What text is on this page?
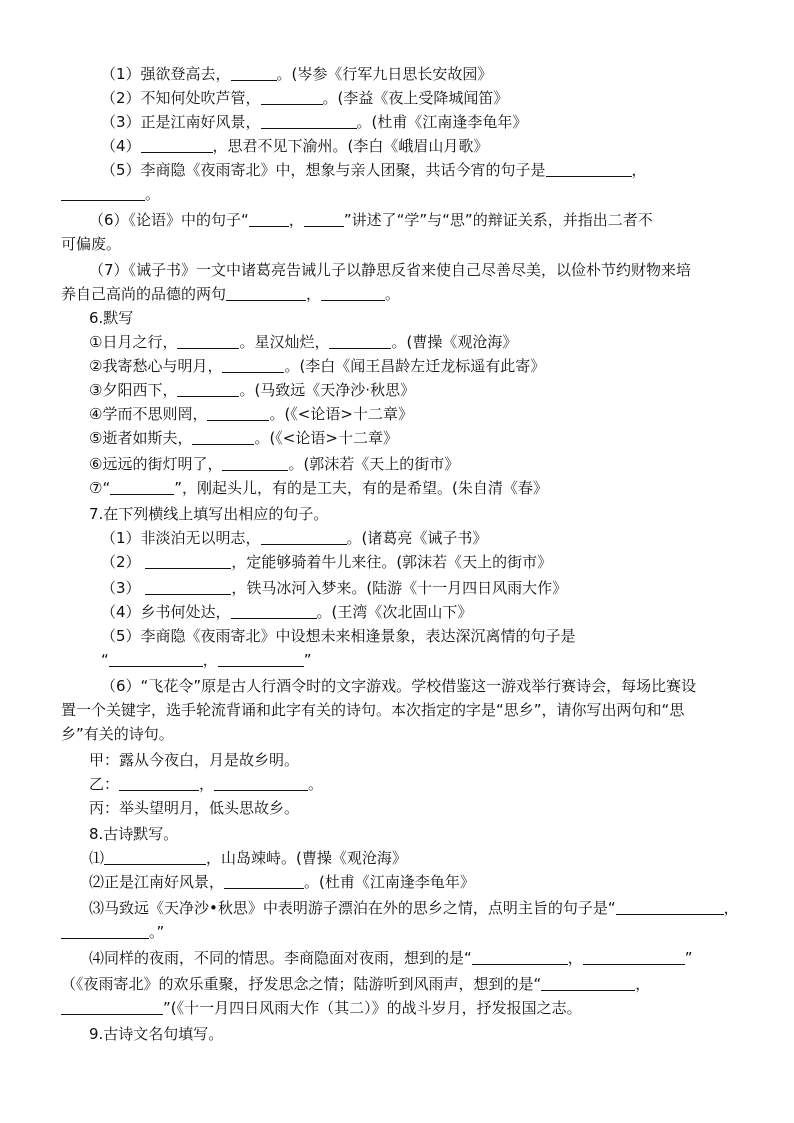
（1）强欲登高去，	。(岑参《行军九日思长安故园》
（2）不知何处吹芦管，	。(李益《夜上受降城闻笛》
（3）正是江南好风景，	。(杜甫《江南逢李龟年》
（4）	，思君不见下渝州。(李白《峨眉山月歌》
（5）李商隐《夜雨寄北》中，想象与亲人团聚，共话今宵的句子是	，
。
（6）《论语》中的句子“	，	”讲述了“学”与“思”的辩证关系，并指出二者不
可偏废。
（7）《诫子书》一文中诸葛亮告诫儿子以静思反省来使自己尽善尽美，以俭朴节约财物来培
养自己高尚的品德的两句	，	。
6.默写
①日月之行，	。星汉灿烂，	。(曹操《观沧海》
②我寄愁心与明月，	。(李白《闻王昌龄左迁龙标遥有此寄》
③夕阳西下，	。(马致远《天净沙·秋思》
④学而不思则罔，	。(《<论语>十二章》
⑤逝者如斯夫，	。(《<论语>十二章》
⑥远远的街灯明了，	。(郭沫若《天上的街市》
⑦“	”，刚起头儿，有的是工夫，有的是希望。(朱自清《春》
7.在下列横线上填写出相应的句子。
（1）非淡泊无以明志，	。(诸葛亮《诫子书》
（2）	，定能够骑着牛儿来往。(郭沫若《天上的街市》
（3）	，铁马冰河入梦来。(陆游《十一月四日风雨大作》
（4）乡书何处达，	。(王湾《次北固山下》
（5）李商隐《夜雨寄北》中设想未来相逢景象，表达深沉离情的句子是
“	，	”
（6）“飞花令”原是古人行酒令时的文字游戏。学校借鉴这一游戏举行赛诗会，每场比赛设
置一个关键字，选手轮流背诵和此字有关的诗句。本次指定的字是“思乡”，请你写出两句和“思
乡”有关的诗句。
甲：露从今夜白，月是故乡明。
乙：	，	。
丙：举头望明月，低头思故乡。
8.古诗默写。
⑴	，山岛竦峙。(曹操《观沧海》
⑵正是江南好风景，	。(杜甫《江南逢李龟年》
⑶马致远《天净沙•秋思》中表明游子漂泊在外的思乡之情，点明主旨的句子是“	，
。”
⑷同样的夜雨，不同的情思。李商隐面对夜雨，想到的是“	，	”
（《夜雨寄北》的欢乐重聚，抒发思念之情；陆游听到风雨声，想到的是“	，
”(《十一月四日风雨大作（其二）》的战斗岁月，抒发报国之志。
9.古诗文名句填写。
